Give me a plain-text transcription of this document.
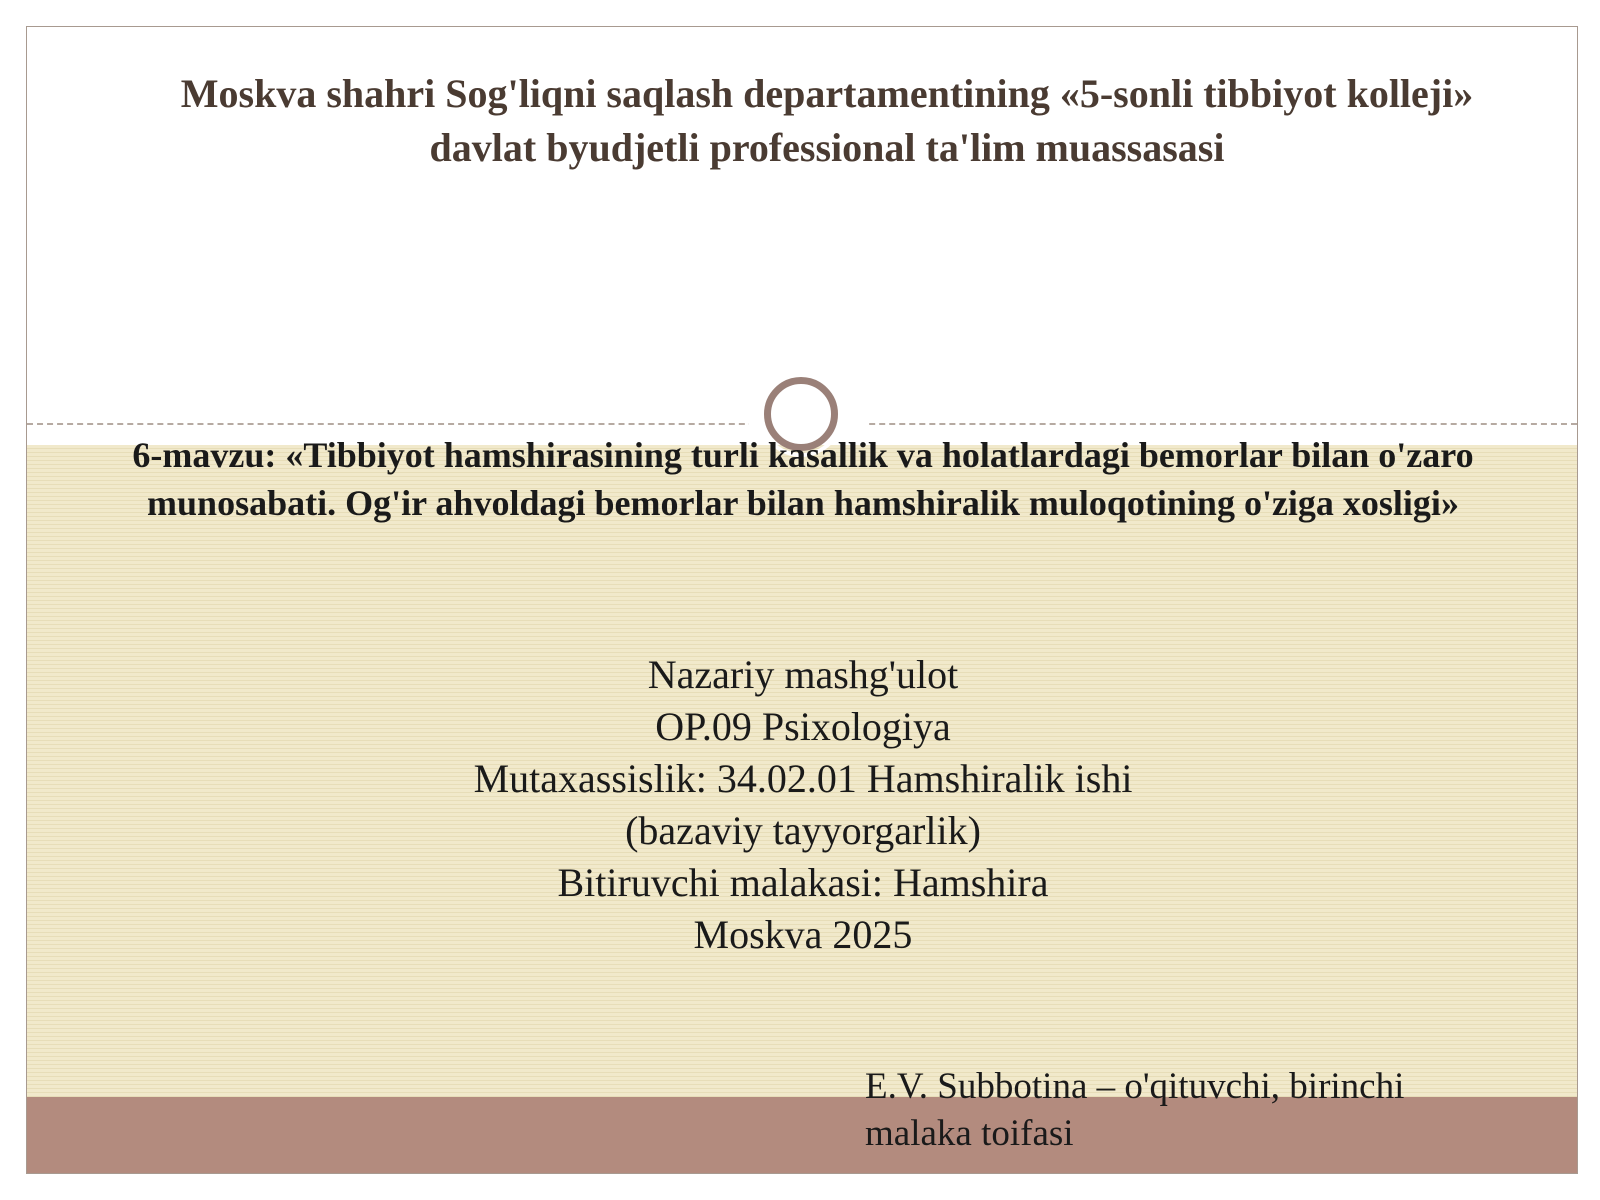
Moskva shahri Sog'liqni saqlash departamentining «5-sonli tibbiyot kolleji» davlat byudjetli professional ta'lim muassasasi
6-mavzu: «Tibbiyot hamshirasining turli kasallik va holatlardagi bemorlar bilan o'zaro munosabati. Og'ir ahvoldagi bemorlar bilan hamshiralik muloqotining o'ziga xosligi»
Nazariy mashg'ulot
OP.09 Psixologiya
Mutaxassislik: 34.02.01 Hamshiralik ishi
(bazaviy tayyorgarlik)
Bitiruvchi malakasi: Hamshira
Moskva 2025

E.V. Subbotina – o'qituvchi, birinchi malaka toifasi
